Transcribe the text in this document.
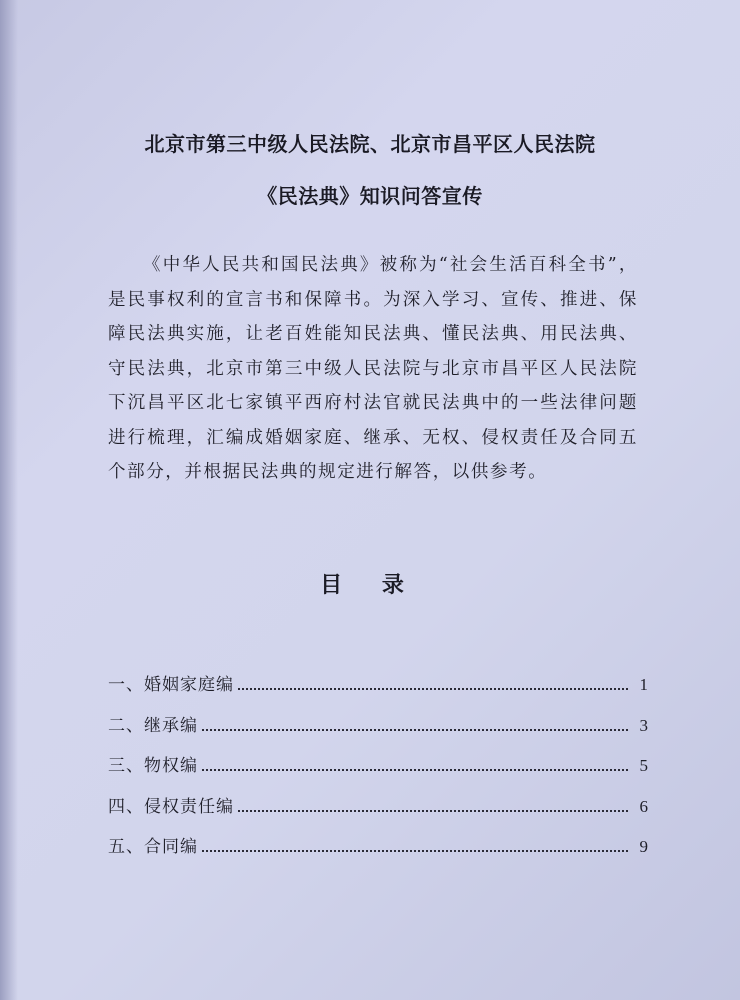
北京市第三中级人民法院、北京市昌平区人民法院
《民法典》知识问答宣传
《中华人民共和国民法典》被称为“社会生活百科全书”，是民事权利的宣言书和保障书。为深入学习、宣传、推进、保障民法典实施，让老百姓能知民法典、懂民法典、用民法典、守民法典，北京市第三中级人民法院与北京市昌平区人民法院下沉昌平区北七家镇平西府村法官就民法典中的一些法律问题进行梳理，汇编成婚姻家庭、继承、无权、侵权责任及合同五个部分，并根据民法典的规定进行解答，以供参考。
目 录
一、婚姻家庭编	1
二、继承编	3
三、物权编	5
四、侵权责任编	6
五、合同编	9
